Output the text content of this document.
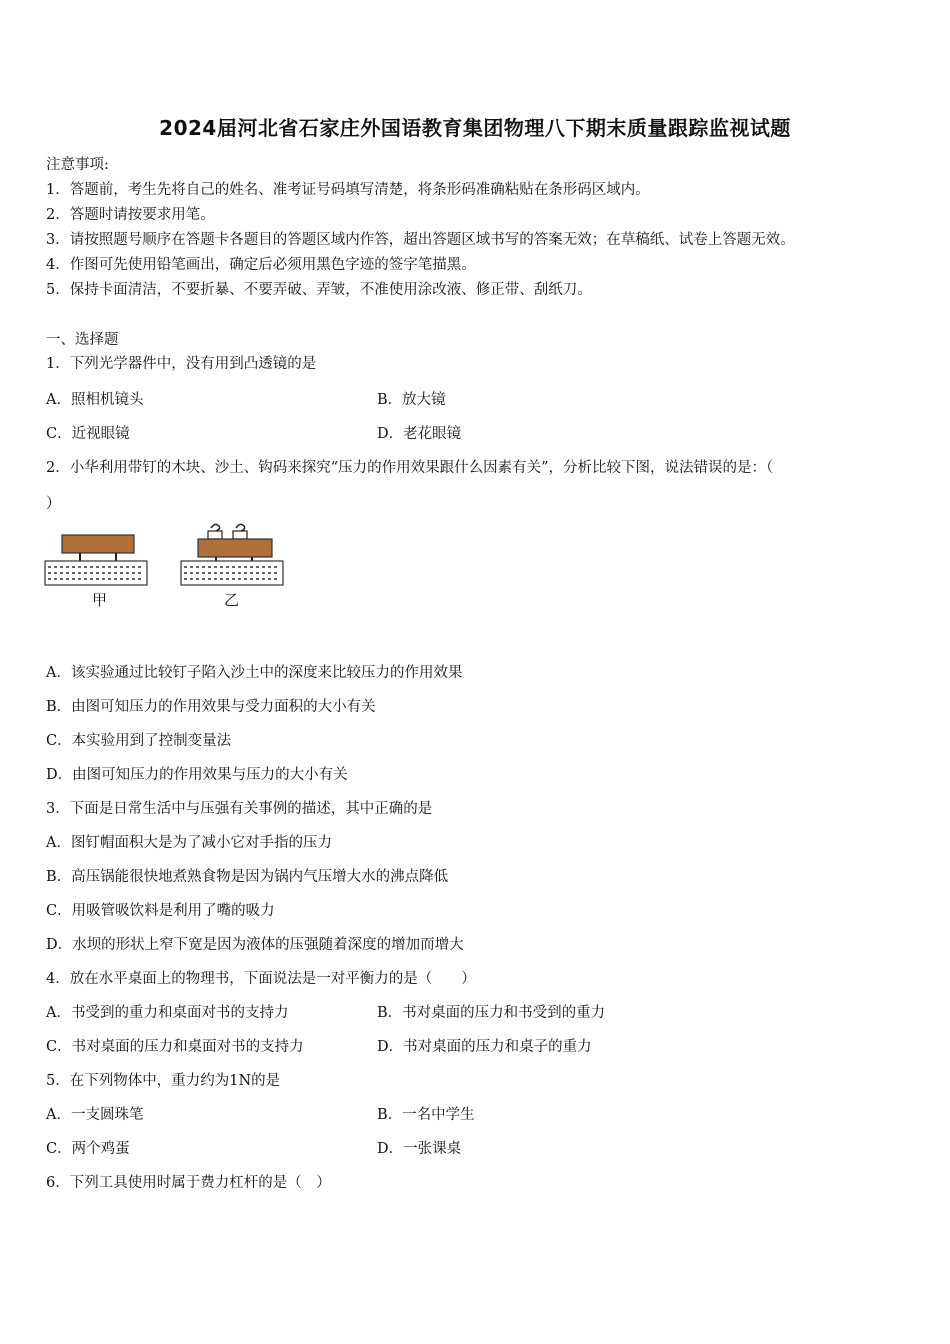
2024届河北省石家庄外国语教育集团物理八下期末质量跟踪监视试题
注意事项:
1．答题前，考生先将自己的姓名、准考证号码填写清楚，将条形码准确粘贴在条形码区域内。
2．答题时请按要求用笔。
3．请按照题号顺序在答题卡各题目的答题区域内作答，超出答题区域书写的答案无效；在草稿纸、试卷上答题无效。
4．作图可先使用铅笔画出，确定后必须用黑色字迹的签字笔描黑。
5．保持卡面清洁，不要折暴、不要弄破、弄皱，不准使用涂改液、修正带、刮纸刀。
一、选择题
1．下列光学器件中，没有用到凸透镜的是
A．照相机镜头	B．放大镜
C．近视眼镜	D．老花眼镜
2．小华利用带钉的木块、沙土、钩码来探究“压力的作用效果跟什么因素有关”，分析比较下图，说法错误的是：（
）
甲	乙
A．该实验通过比较钉子陷入沙土中的深度来比较压力的作用效果
B．由图可知压力的作用效果与受力面积的大小有关
C．本实验用到了控制变量法
D．由图可知压力的作用效果与压力的大小有关
3．下面是日常生活中与压强有关事例的描述，其中正确的是
A．图钉帽面积大是为了减小它对手指的压力
B．高压锅能很快地煮熟食物是因为锅内气压增大水的沸点降低
C．用吸管吸饮料是利用了嘴的吸力
D．水坝的形状上窄下宽是因为液体的压强随着深度的增加而增大
4．放在水平桌面上的物理书，下面说法是一对平衡力的是（　　）
A．书受到的重力和桌面对书的支持力	B．书对桌面的压力和书受到的重力
C．书对桌面的压力和桌面对书的支持力	D．书对桌面的压力和桌子的重力
5．在下列物体中，重力约为1N的是
A．一支圆珠笔	B．一名中学生
C．两个鸡蛋	D．一张课桌
6．下列工具使用时属于费力杠杆的是（　）
